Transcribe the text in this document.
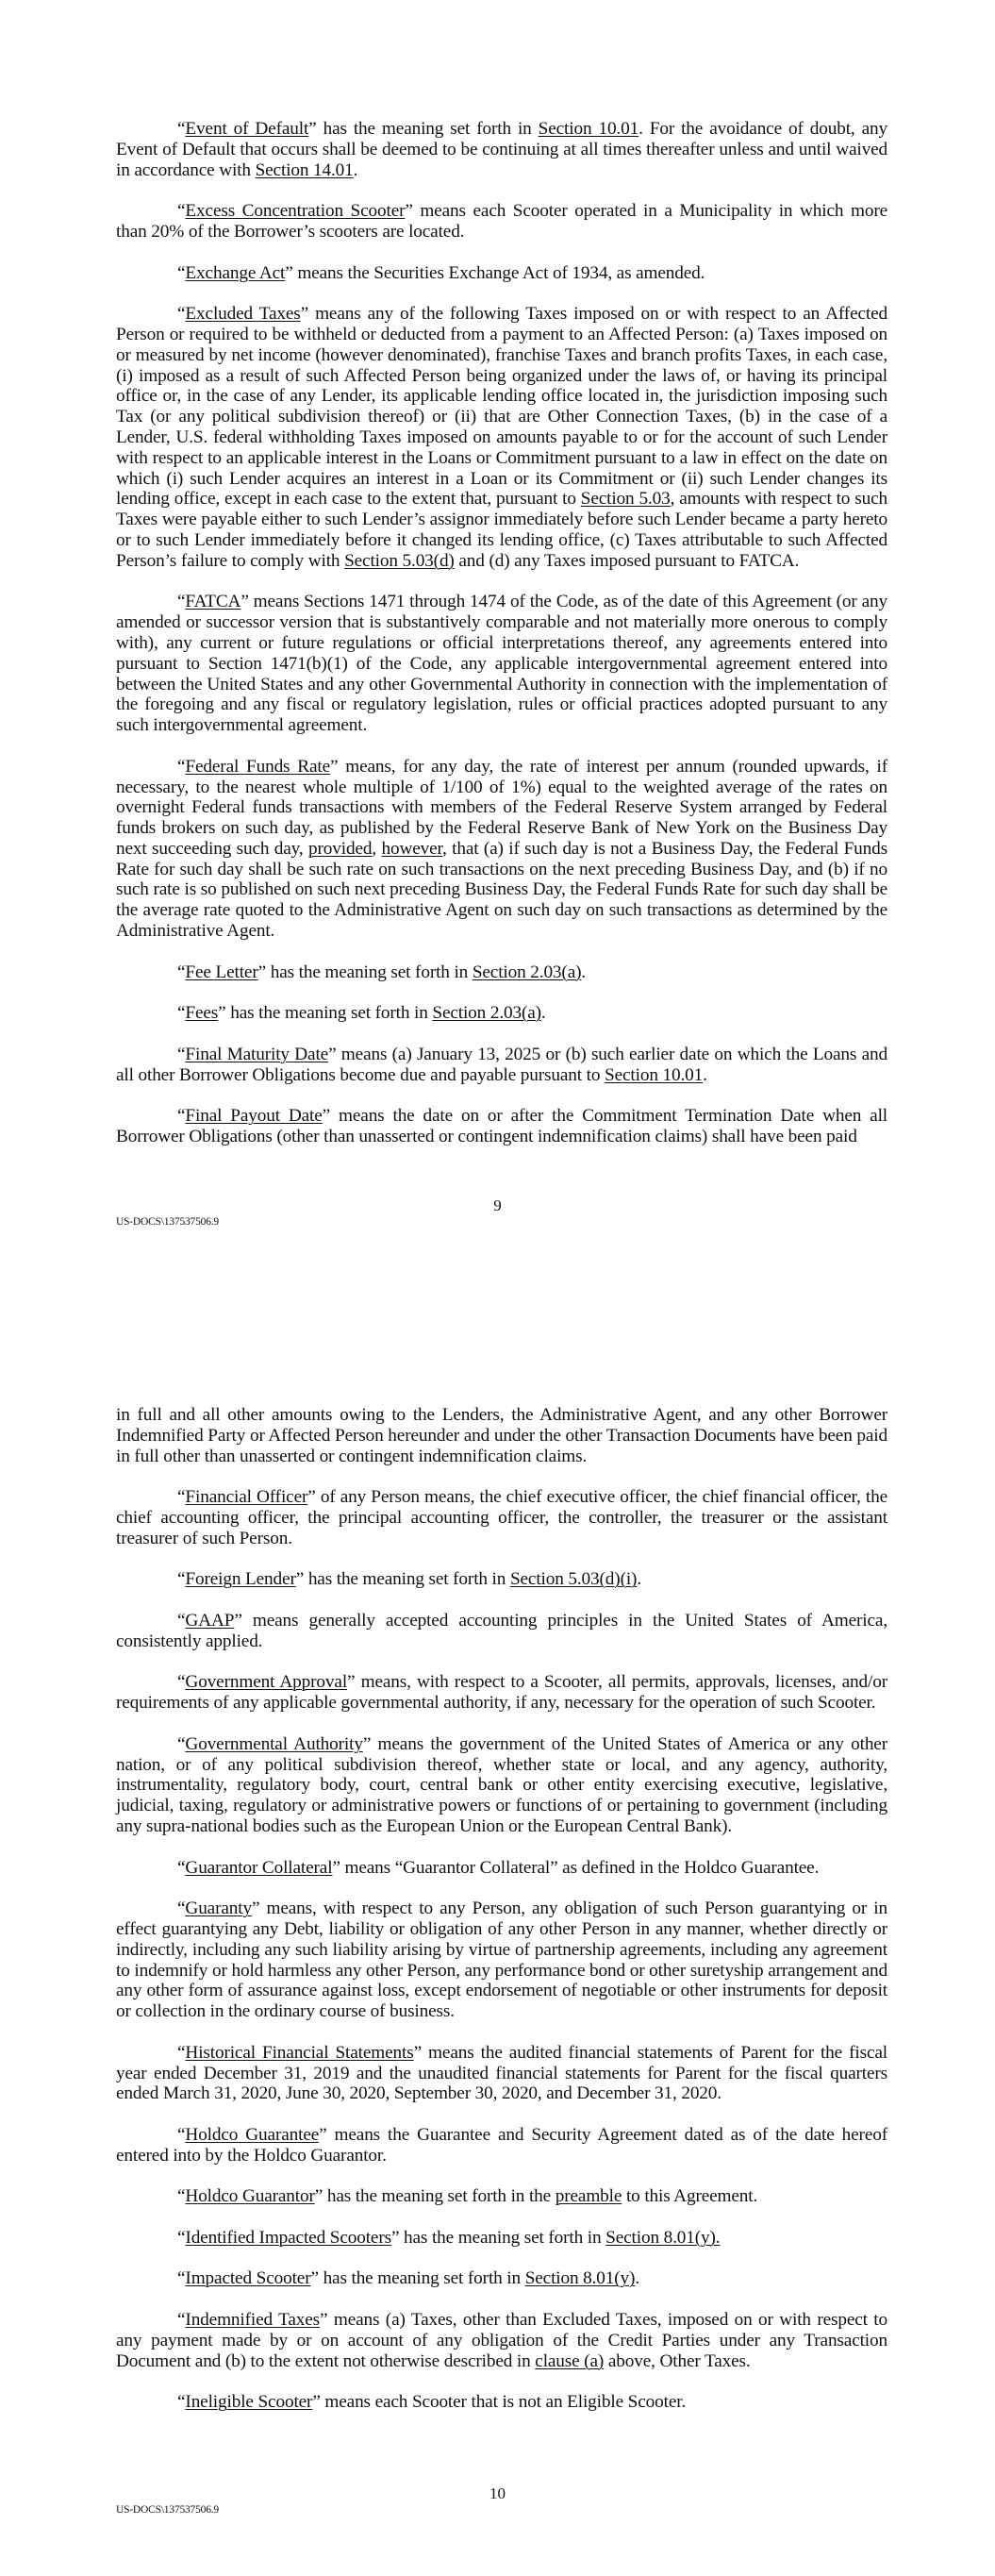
“Event of Default” has the meaning set forth in Section 10.01. For the avoidance of doubt, any Event of Default that occurs shall be deemed to be continuing at all times thereafter unless and until waived in accordance with Section 14.01.

“Excess Concentration Scooter” means each Scooter operated in a Municipality in which more than 20% of the Borrower’s scooters are located.

“Exchange Act” means the Securities Exchange Act of 1934, as amended.

“Excluded Taxes” means any of the following Taxes imposed on or with respect to an Affected Person or required to be withheld or deducted from a payment to an Affected Person: (a) Taxes imposed on or measured by net income (however denominated), franchise Taxes and branch profits Taxes, in each case, (i) imposed as a result of such Affected Person being organized under the laws of, or having its principal office or, in the case of any Lender, its applicable lending office located in, the jurisdiction imposing such Tax (or any political subdivision thereof) or (ii) that are Other Connection Taxes, (b) in the case of a Lender, U.S. federal withholding Taxes imposed on amounts payable to or for the account of such Lender with respect to an applicable interest in the Loans or Commitment pursuant to a law in effect on the date on which (i) such Lender acquires an interest in a Loan or its Commitment or (ii) such Lender changes its lending office, except in each case to the extent that, pursuant to Section 5.03, amounts with respect to such Taxes were payable either to such Lender’s assignor immediately before such Lender became a party hereto or to such Lender immediately before it changed its lending office, (c) Taxes attributable to such Affected Person’s failure to comply with Section 5.03(d) and (d) any Taxes imposed pursuant to FATCA.

“FATCA” means Sections 1471 through 1474 of the Code, as of the date of this Agreement (or any amended or successor version that is substantively comparable and not materially more onerous to comply with), any current or future regulations or official interpretations thereof, any agreements entered into pursuant to Section 1471(b)(1) of the Code, any applicable intergovernmental agreement entered into between the United States and any other Governmental Authority in connection with the implementation of the foregoing and any fiscal or regulatory legislation, rules or official practices adopted pursuant to any such intergovernmental agreement.

“Federal Funds Rate” means, for any day, the rate of interest per annum (rounded upwards, if necessary, to the nearest whole multiple of 1/100 of 1%) equal to the weighted average of the rates on overnight Federal funds transactions with members of the Federal Reserve System arranged by Federal funds brokers on such day, as published by the Federal Reserve Bank of New York on the Business Day next succeeding such day, provided, however, that (a) if such day is not a Business Day, the Federal Funds Rate for such day shall be such rate on such transactions on the next preceding Business Day, and (b) if no such rate is so published on such next preceding Business Day, the Federal Funds Rate for such day shall be the average rate quoted to the Administrative Agent on such day on such transactions as determined by the Administrative Agent.

“Fee Letter” has the meaning set forth in Section 2.03(a).

“Fees” has the meaning set forth in Section 2.03(a).

“Final Maturity Date” means (a) January 13, 2025 or (b) such earlier date on which the Loans and all other Borrower Obligations become due and payable pursuant to Section 10.01.

“Final Payout Date” means the date on or after the Commitment Termination Date when all Borrower Obligations (other than unasserted or contingent indemnification claims) shall have been paid

9
US-DOCS\137537506.9

in full and all other amounts owing to the Lenders, the Administrative Agent, and any other Borrower Indemnified Party or Affected Person hereunder and under the other Transaction Documents have been paid in full other than unasserted or contingent indemnification claims.

“Financial Officer” of any Person means, the chief executive officer, the chief financial officer, the chief accounting officer, the principal accounting officer, the controller, the treasurer or the assistant treasurer of such Person.

“Foreign Lender” has the meaning set forth in Section 5.03(d)(i).

“GAAP” means generally accepted accounting principles in the United States of America, consistently applied.

“Government Approval” means, with respect to a Scooter, all permits, approvals, licenses, and/or requirements of any applicable governmental authority, if any, necessary for the operation of such Scooter.

“Governmental Authority” means the government of the United States of America or any other nation, or of any political subdivision thereof, whether state or local, and any agency, authority, instrumentality, regulatory body, court, central bank or other entity exercising executive, legislative, judicial, taxing, regulatory or administrative powers or functions of or pertaining to government (including any supra-national bodies such as the European Union or the European Central Bank).

“Guarantor Collateral” means “Guarantor Collateral” as defined in the Holdco Guarantee.

“Guaranty” means, with respect to any Person, any obligation of such Person guarantying or in effect guarantying any Debt, liability or obligation of any other Person in any manner, whether directly or indirectly, including any such liability arising by virtue of partnership agreements, including any agreement to indemnify or hold harmless any other Person, any performance bond or other suretyship arrangement and any other form of assurance against loss, except endorsement of negotiable or other instruments for deposit or collection in the ordinary course of business.

“Historical Financial Statements” means the audited financial statements of Parent for the fiscal year ended December 31, 2019 and the unaudited financial statements for Parent for the fiscal quarters ended March 31, 2020, June 30, 2020, September 30, 2020, and December 31, 2020.

“Holdco Guarantee” means the Guarantee and Security Agreement dated as of the date hereof entered into by the Holdco Guarantor.

“Holdco Guarantor” has the meaning set forth in the preamble to this Agreement.

“Identified Impacted Scooters” has the meaning set forth in Section 8.01(y).

“Impacted Scooter” has the meaning set forth in Section 8.01(y).

“Indemnified Taxes” means (a) Taxes, other than Excluded Taxes, imposed on or with respect to any payment made by or on account of any obligation of the Credit Parties under any Transaction Document and (b) to the extent not otherwise described in clause (a) above, Other Taxes.

“Ineligible Scooter” means each Scooter that is not an Eligible Scooter.

10
US-DOCS\137537506.9
